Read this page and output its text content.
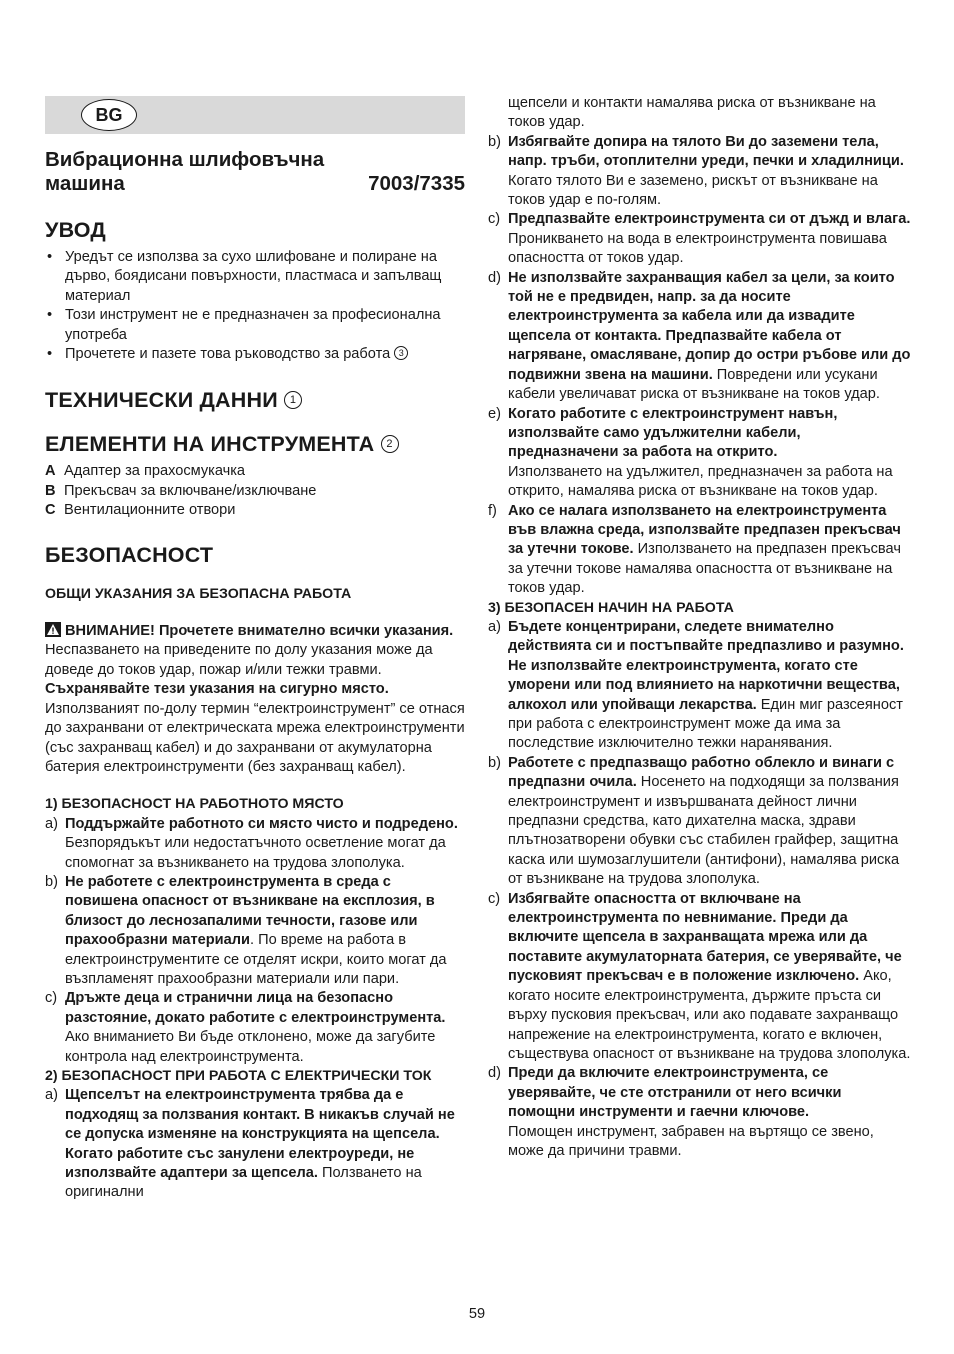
BG
Вибрационна шлифовъчна
машина	7003/7335
УВОД
• Уредът се използва за сухо шлифоване и полиране на дърво, боядисани повърхности, пластмаса и запълващ материал
• Този инструмент не е предназначен за професионална употреба
• Прочетете и пазете това ръководство за работа 3
ТЕХНИЧЕСКИ ДАННИ 1
ЕЛЕМЕНТИ НА ИНСТРУМЕНТА 2
A Адаптер за прахосмукачка
B Прекъсвач за включване/изключване
C Вентилационните отвори
БЕЗОПАСНОСТ

ОБЩИ УКАЗАНИЯ ЗА БЕЗОПАСНА РАБОТА

ВНИМАНИЕ! Прочетете внимателно всички указания. Неспазването на приведените по долу указания може да доведе до токов удар, пожар и/или тежки травми. Съхранявайте тези указания на сигурно място. Използваният по-долу термин “електроинструмент” се отнася до захранвани от електрическата мрежа електроинструменти (със захранващ кабел) и до захранвани от акумулаторна батерия електроинструменти (без захранващ кабел).

1) БЕЗОПАСНОСТ НА РАБОТНОТО МЯСТО

a) Поддържайте работното си място чисто и подредено. Безпорядъкът или недостатъчното осветление могат да спомогнат за възникването на трудова злополука.
b) Не работете с електроинструмента в среда с повишена опасност от възникване на експлозия, в близост до леснозапалими течности, газове или прахообразни материали. По време на работа в електроинструментите се отделят искри, които могат да възпламенят прахообразни материали или пари.
c) Дръжте деца и странични лица на безопасно разстояние, докато работите с електроинструмента. Ако вниманието Ви бъде отклонено, може да загубите контрола над електроинструмента.

2) БЕЗОПАСНОСТ ПРИ РАБОТА С ЕЛЕКТРИЧЕСКИ ТОК

a) Щепселът на електроинструмента трябва да е подходящ за ползвания контакт. В никакъв случай не се допуска изменяне на конструкцията на щепсела. Когато работите със занулени електроуреди, не използвайте адаптери за щепсела. Ползването на оригинални
щепсели и контакти намалява риска от възникване на токов удар.
b) Избягвайте допира на тялото Ви до заземени тела, напр. тръби, отоплителни уреди, печки и хладилници. Когато тялото Ви е заземено, рискът от възникване на токов удар е по-голям.
c) Предпазвайте електроинструмента си от дъжд и влага. Проникването на вода в електроинструмента повишава опасността от токов удар.
d) Не използвайте захранващия кабел за цели, за които той не е предвиден, напр. за да носите електроинструмента за кабела или да извадите щепсела от контакта. Предпазвайте кабела от нагряване, омасляване, допир до остри ръбове или до подвижни звена на машини. Повредени или усукани кабели увеличават риска от възникване на токов удар.
e) Когато работите с електроинструмент навън, използвайте само удължителни кабели, предназначени за работа на открито.
Използването на удължител, предназначен за работа на открито, намалява риска от възникване на токов удар.
f) Ако се налага използването на електроинструмента във влажна среда, използвайте предпазен прекъсвач за утечни токове. Използването на предпазен прекъсвач за утечни токове намалява опасността от възникване на токов удар.

3) БЕЗОПАСЕН НАЧИН НА РАБОТА

a) Бъдете концентрирани, следете внимателно действията си и постъпвайте предпазливо и разумно. Не използвайте електроинструмента, когато сте уморени или под влиянието на наркотични вещества, алкохол или упойващи лекарства. Един миг разсеяност при работа с електроинструмент може да има за последствие изключително тежки наранявания.
b) Работете с предпазващо работно облекло и винаги с предпазни очила. Носенето на подходящи за ползвания електроинструмент и извършваната дейност лични предпазни средства, като дихателна маска, здрави плътнозатворени обувки със стабилен грайфер, защитна каска или шумозаглушители (антифони), намалява риска от възникване на трудова злополука.
c) Избягвайте опасността от включване на електроинструмента по невнимание. Преди да включите щепсела в захранващата мрежа или да поставите акумулаторната батерия, се уверявайте, че пусковият прекъсвач е в положение изключено. Ако, когато носите електроинструмента, държите пръста си върху пусковия прекъсвач, или ако подавате захранващо напрежение на електроинструмента, когато е включен, съществува опасност от възникване на трудова злополука.
d) Преди да включите електроинструмента, се уверявайте, че сте отстранили от него всички помощни инструменти и гаечни ключове.
Помощен инструмент, забравен на въртящо се звено, може да причини травми.
59
